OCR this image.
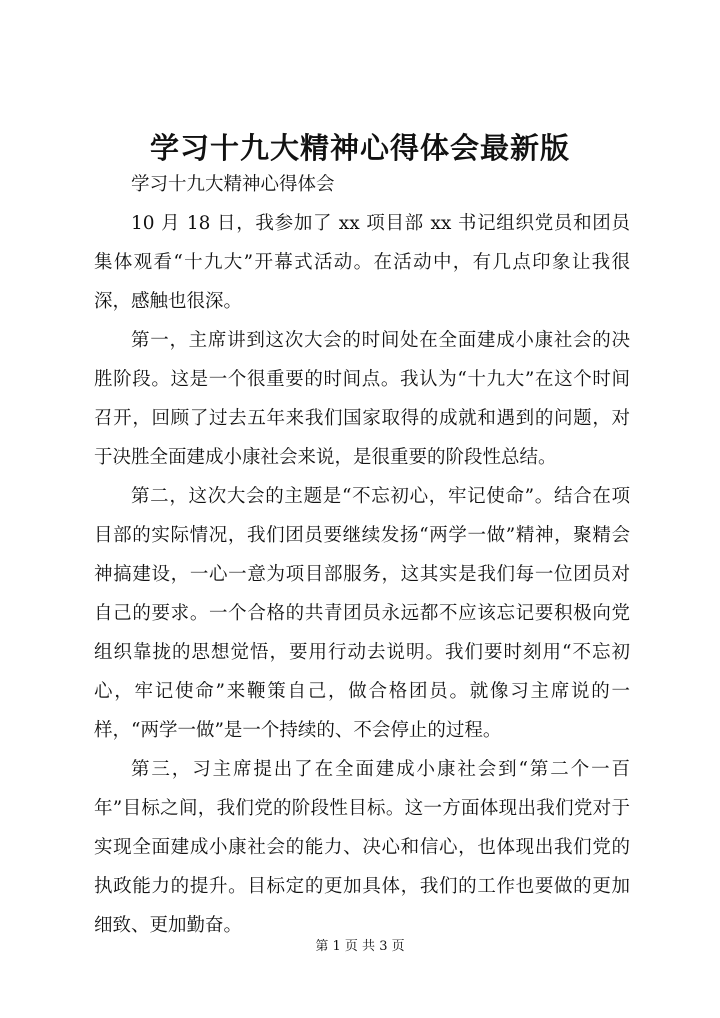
学习十九大精神心得体会最新版

学习十九大精神心得体会

10 月 18 日，我参加了 xx 项目部 xx 书记组织党员和团员集体观看“十九大”开幕式活动。在活动中，有几点印象让我很深，感触也很深。

第一，主席讲到这次大会的时间处在全面建成小康社会的决胜阶段。这是一个很重要的时间点。我认为“十九大”在这个时间召开，回顾了过去五年来我们国家取得的成就和遇到的问题，对于决胜全面建成小康社会来说，是很重要的阶段性总结。

第二，这次大会的主题是“不忘初心，牢记使命”。结合在项目部的实际情况，我们团员要继续发扬“两学一做”精神，聚精会神搞建设，一心一意为项目部服务，这其实是我们每一位团员对自己的要求。一个合格的共青团员永远都不应该忘记要积极向党组织靠拢的思想觉悟，要用行动去说明。我们要时刻用“不忘初心，牢记使命”来鞭策自己，做合格团员。就像习主席说的一样，“两学一做”是一个持续的、不会停止的过程。

第三，习主席提出了在全面建成小康社会到“第二个一百年”目标之间，我们党的阶段性目标。这一方面体现出我们党对于实现全面建成小康社会的能力、决心和信心，也体现出我们党的执政能力的提升。目标定的更加具体，我们的工作也要做的更加细致、更加勤奋。

第 1 页 共 3 页
